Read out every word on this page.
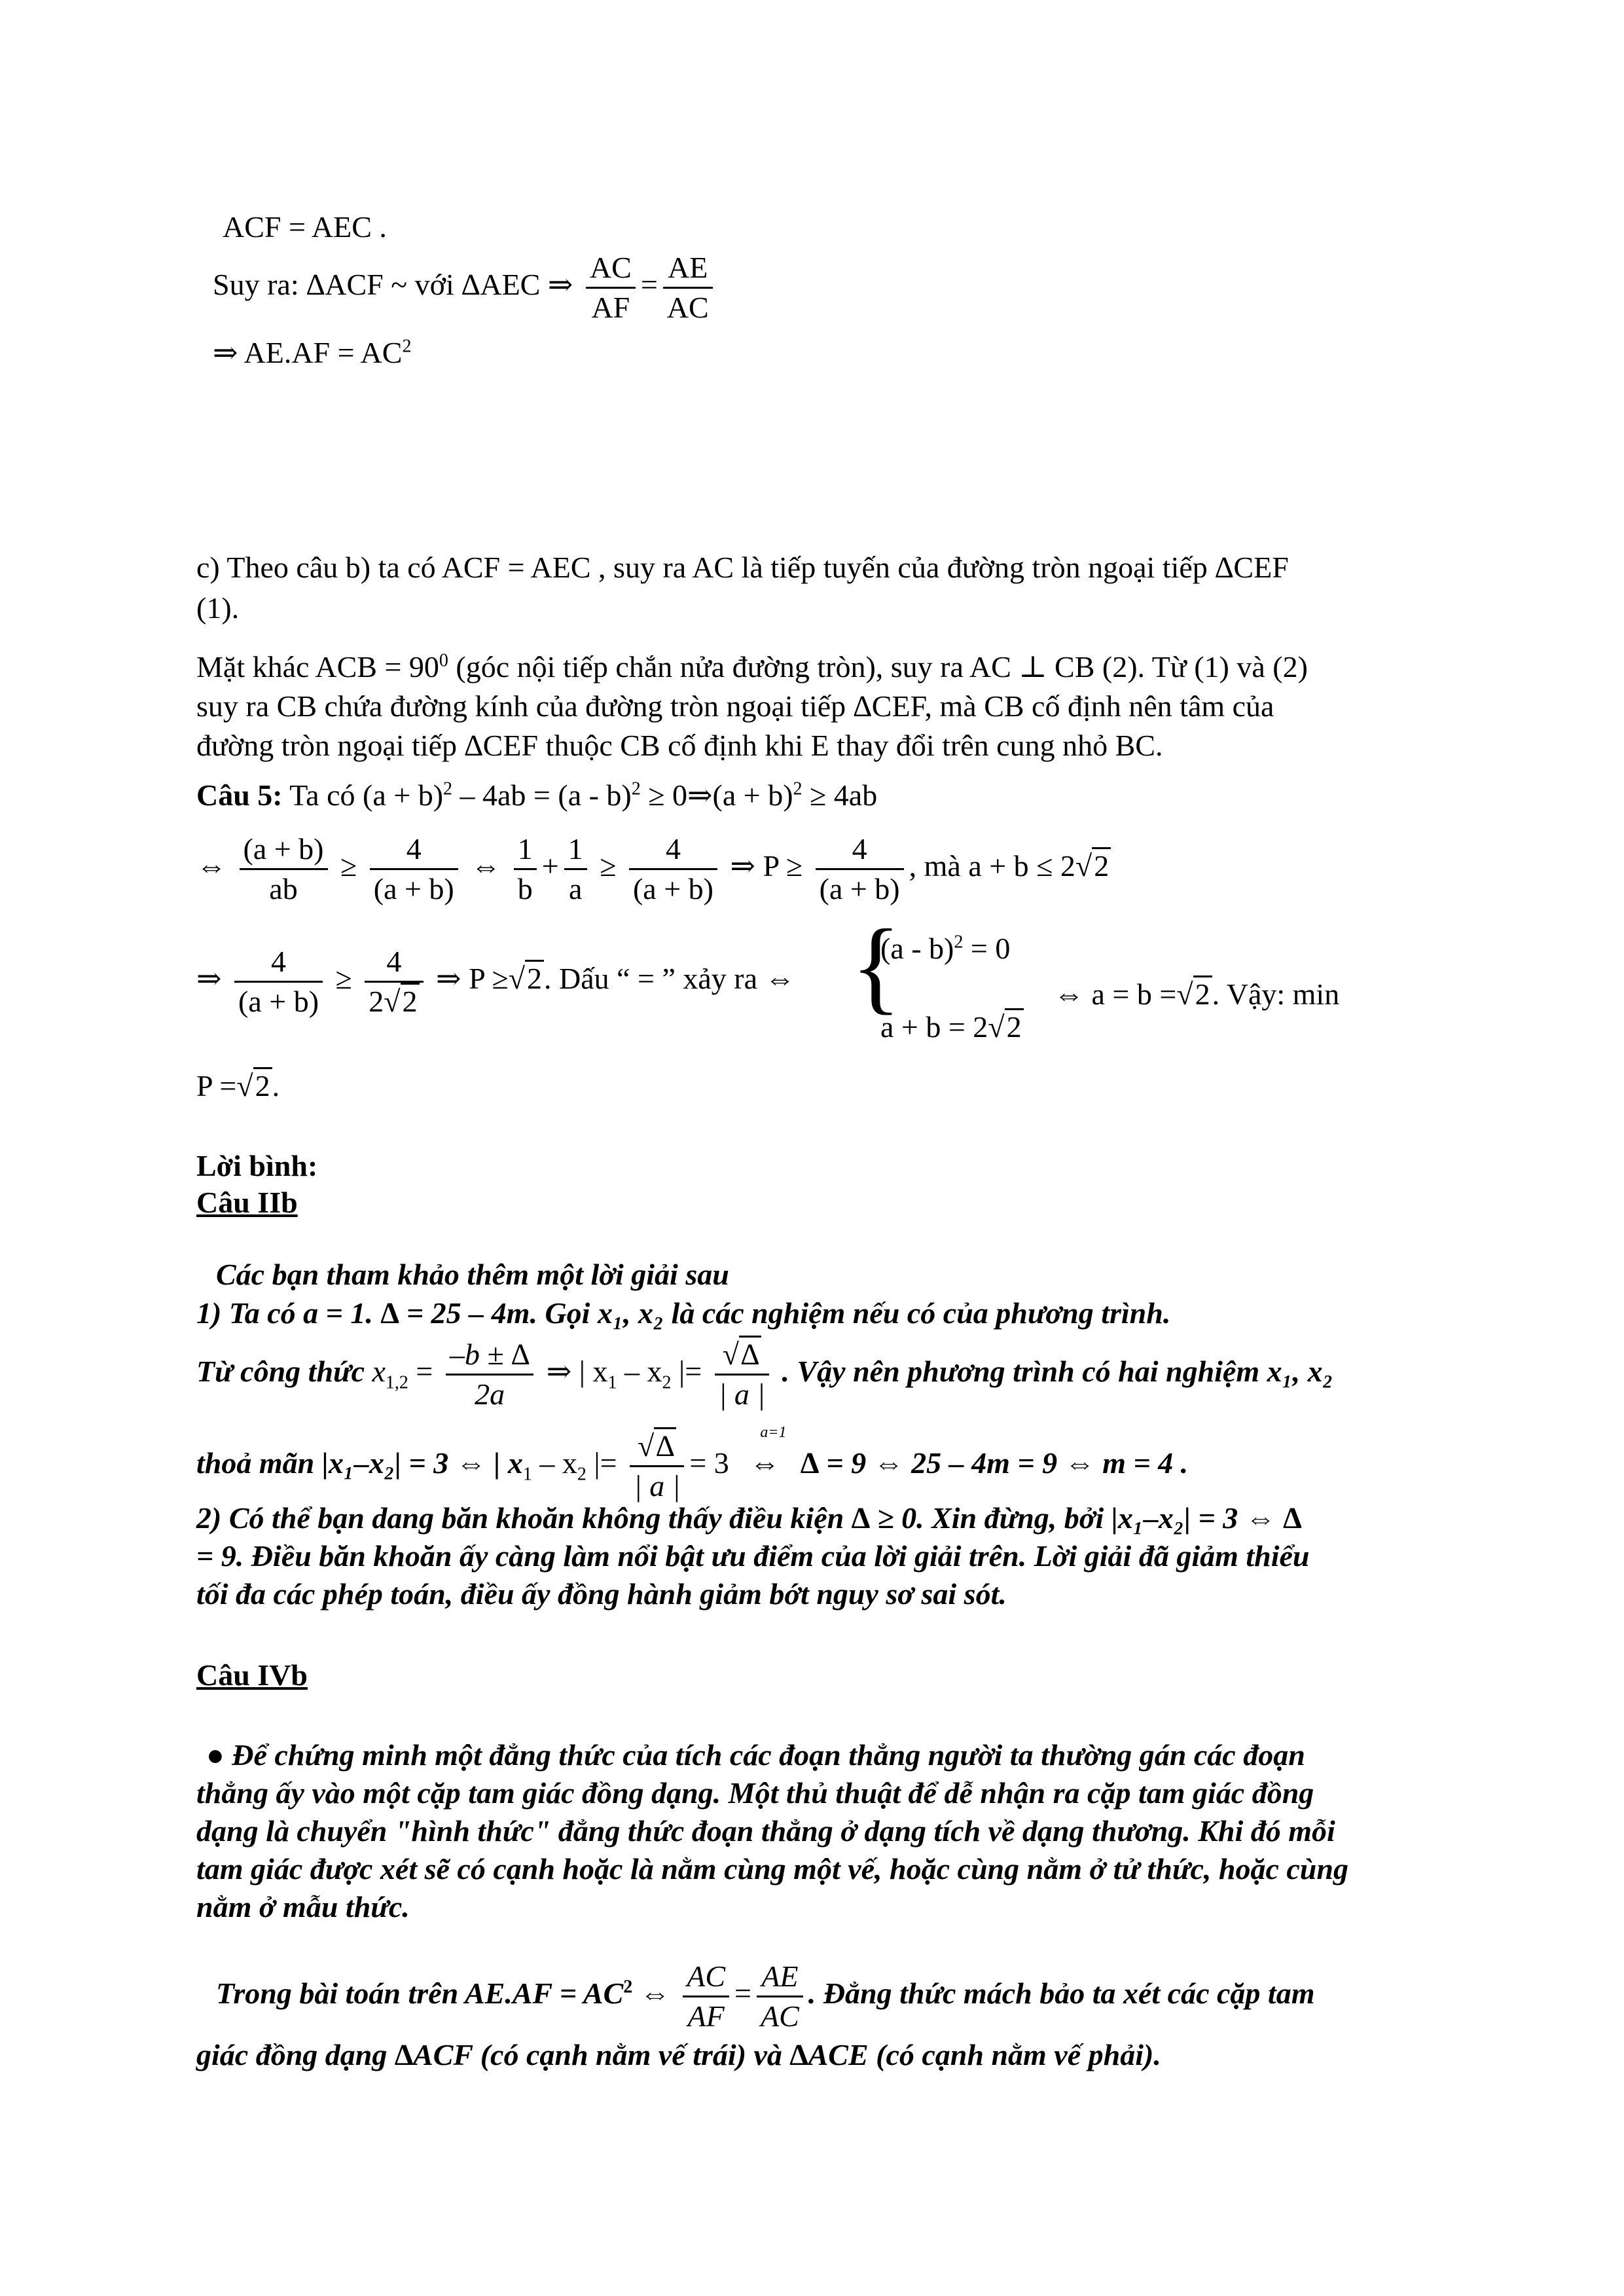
ACF = AEC .
Suy ra: ∆ACF ~ với ∆AEC ⇒ $\frac{AC}{AF} = \frac{AE}{AC}$
⇒ $AE.AF = AC^2$
c) Theo câu b) ta có ACF = AEC , suy ra AC là tiếp tuyến của đường tròn ngoại tiếp ∆CEF
(1).
Mặt khác ACB = $90^0$ (góc nội tiếp chắn nửa đường tròn), suy ra AC ⊥ CB (2). Từ (1) và (2)
suy ra CB chứa đường kính của đường tròn ngoại tiếp ∆CEF, mà CB cố định nên tâm của
đường tròn ngoại tiếp ∆CEF thuộc CB cố định khi E thay đổi trên cung nhỏ BC.
Câu 5: Ta có $(a + b)^2 - 4ab = (a - b)^2$ ≥ 0⇒(a + b)$^2$ ≥ 4ab
⇔ $\frac{(a + b)}{ab} \ge \frac{4}{(a + b)}$ ⇔ $\frac{1}{b} + \frac{1}{a} \ge \frac{4}{(a + b)}$ ⇒ $P \ge \frac{4}{(a + b)}$ , mà a + b ≤ 2√2
⇒ $\frac{4}{(a + b)} \ge \frac{4}{2√2}$ ⇒ P ≥√2. Dấu “ = ” xảy ra ⇔ {
(a - b)$^2$ = 0
a + b = 2√2
⇔ a = b =√2. Vậy: min
P =√2.
Lời bình:
Câu IIb
Các bạn tham khảo thêm một lời giải sau
1) Ta có a = 1. ∆ = 25 – 4m. Gọi x₁, x₂ là các nghiệm nếu có của phương trình.
Từ công thức $x_{1,2} = \frac{-b \pm \Delta}{2a}$ ⇒ | $x_1 - x_2$ |= $\frac{√\Delta}{| a |}$ . Vậy nên phương trình có hai nghiệm x₁, x₂
thoả mãn |x₁–x₂| = 3 ⇔ | $x_1 - x_2$ |= $\frac{√\Delta}{| a |} = 3$
a=1
⇔ ∆ = 9 ⇔ 25 – 4m = 9 ⇔ m = 4 .
2) Có thể bạn dang băn khoăn không thấy điều kiện ∆ ≥ 0. Xin đừng, bởi |x₁–x₂| = 3 ⇔ ∆
= 9. Điều băn khoăn ấy càng làm nổi bật ưu điểm của lời giải trên. Lời giải đã giảm thiểu
tối đa các phép toán, điều ấy đồng hành giảm bớt nguy sơ sai sót.
Câu IVb
● Để chứng minh một đẳng thức của tích các đoạn thẳng người ta thường gán các đoạn
thẳng ấy vào một cặp tam giác đồng dạng. Một thủ thuật để dễ nhận ra cặp tam giác đồng
dạng là chuyển "hình thức" đẳng thức đoạn thẳng ở dạng tích về dạng thương. Khi đó mỗi
tam giác được xét sẽ có cạnh hoặc là nằm cùng một vế, hoặc cùng nằm ở tử thức, hoặc cùng
nằm ở mẫu thức.
Trong bài toán trên $AE.AF = AC^2$ ⇔ $\frac{AC}{AF} = \frac{AE}{AC}$ . Đẳng thức mách bảo ta xét các cặp tam
giác đồng dạng ∆ACF (có cạnh nằm vế trái) và ∆ACE (có cạnh nằm vế phải).
